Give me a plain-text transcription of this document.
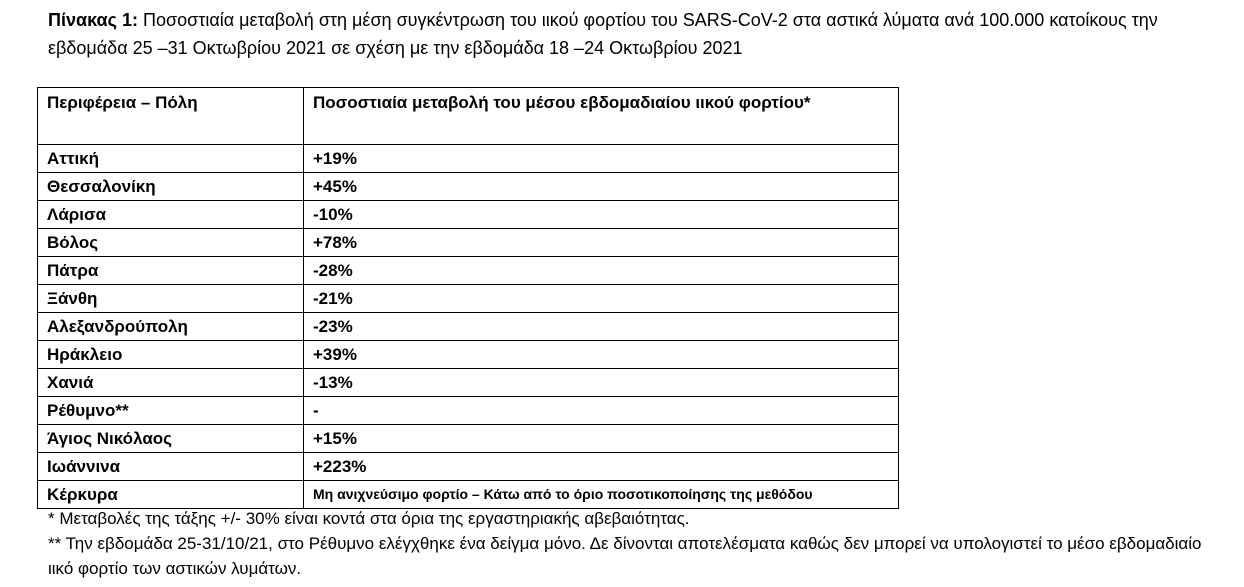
Πίνακας 1: Ποσοστιαία μεταβολή στη μέση συγκέντρωση του ιικού φορτίου του SARS-CoV-2 στα αστικά λύματα ανά 100.000 κατοίκους την εβδομάδα 25 –31 Οκτωβρίου 2021 σε σχέση με την εβδομάδα 18 –24 Οκτωβρίου 2021
Περιφέρεια – Πόλη	Ποσοστιαία μεταβολή του μέσου εβδομαδιαίου ιικού φορτίου*
Αττική	+19%
Θεσσαλονίκη	+45%
Λάρισα	-10%
Βόλος	+78%
Πάτρα	-28%
Ξάνθη	-21%
Αλεξανδρούπολη	-23%
Ηράκλειο	+39%
Χανιά	-13%
Ρέθυμνο**	-
Άγιος Νικόλαος	+15%
Ιωάννινα	+223%
Κέρκυρα	Μη ανιχνεύσιμο φορτίο – Κάτω από το όριο ποσοτικοποίησης της μεθόδου

* Μεταβολές της τάξης +/- 30% είναι κοντά στα όρια της εργαστηριακής αβεβαιότητας.

** Την εβδομάδα 25-31/10/21, στο Ρέθυμνο ελέγχθηκε ένα δείγμα μόνο. Δε δίνονται αποτελέσματα καθώς δεν μπορεί να υπολογιστεί το μέσο εβδομαδιαίο ιικό φορτίο των αστικών λυμάτων.
